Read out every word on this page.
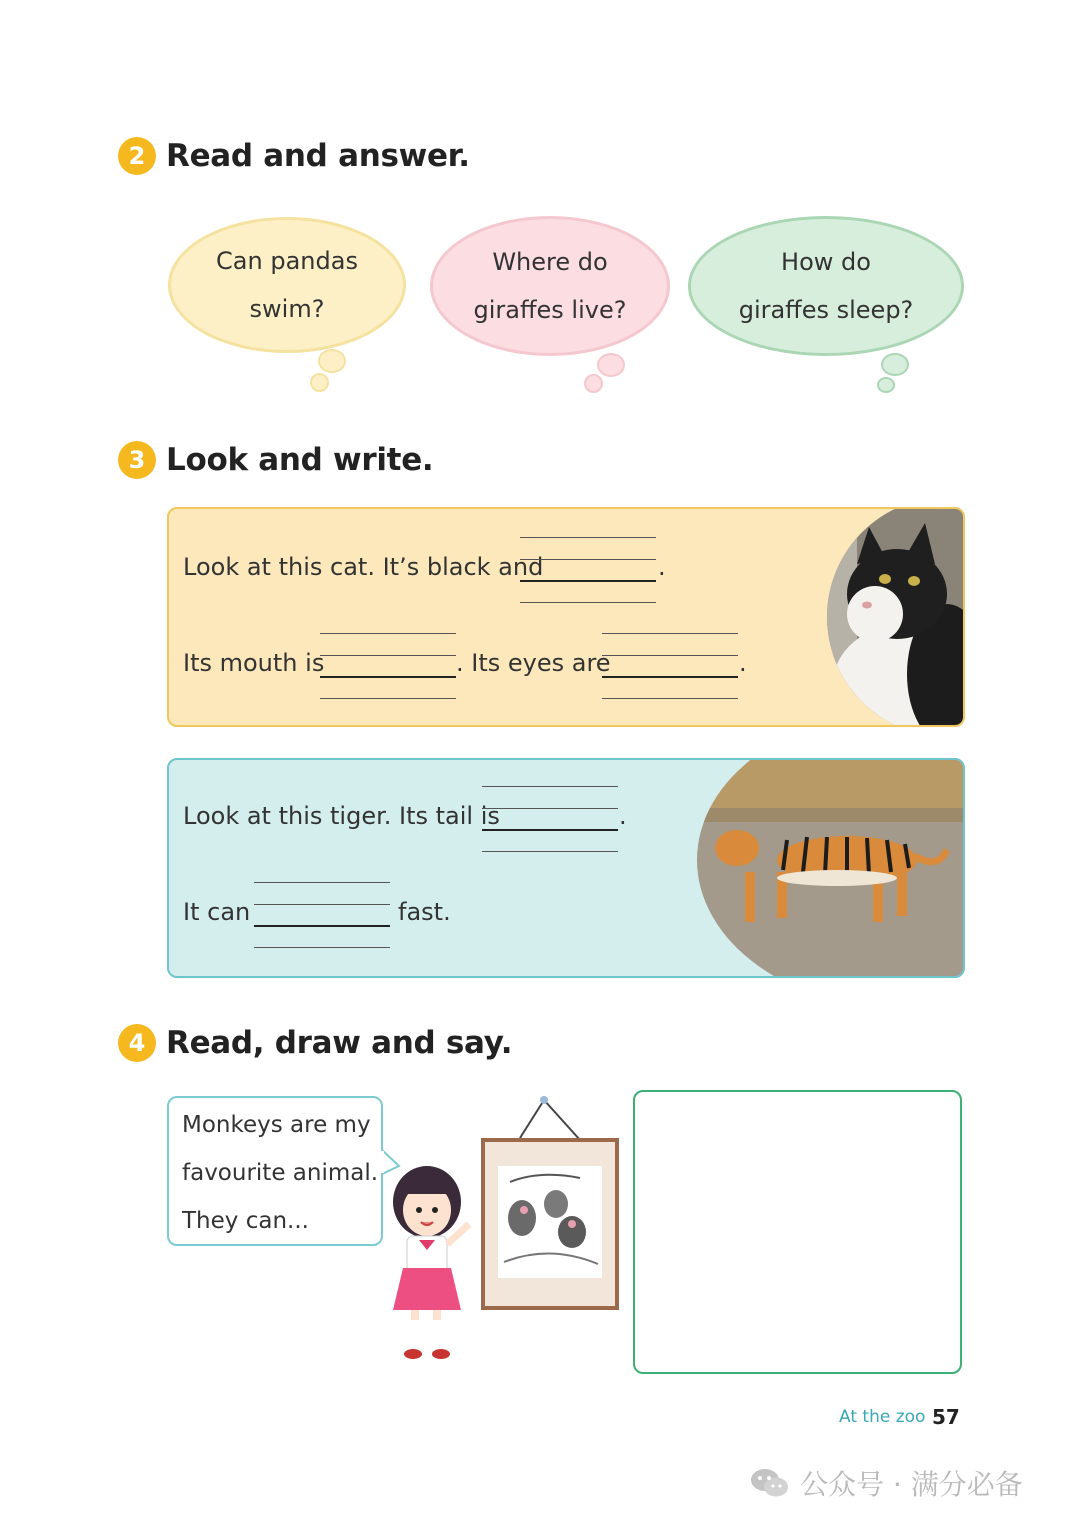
2 Read and answer.
Can pandas
swim?
Where do
giraffes live?
How do
giraffes sleep?
3 Look and write.
Look at this cat. It’s black and	.
Its mouth is	. Its eyes are	.
Look at this tiger. Its tail is	.
It can	fast.
4 Read, draw and say.
Monkeys are my
favourite animal.
They can...
At the zoo 57
公众号 · 满分必备
